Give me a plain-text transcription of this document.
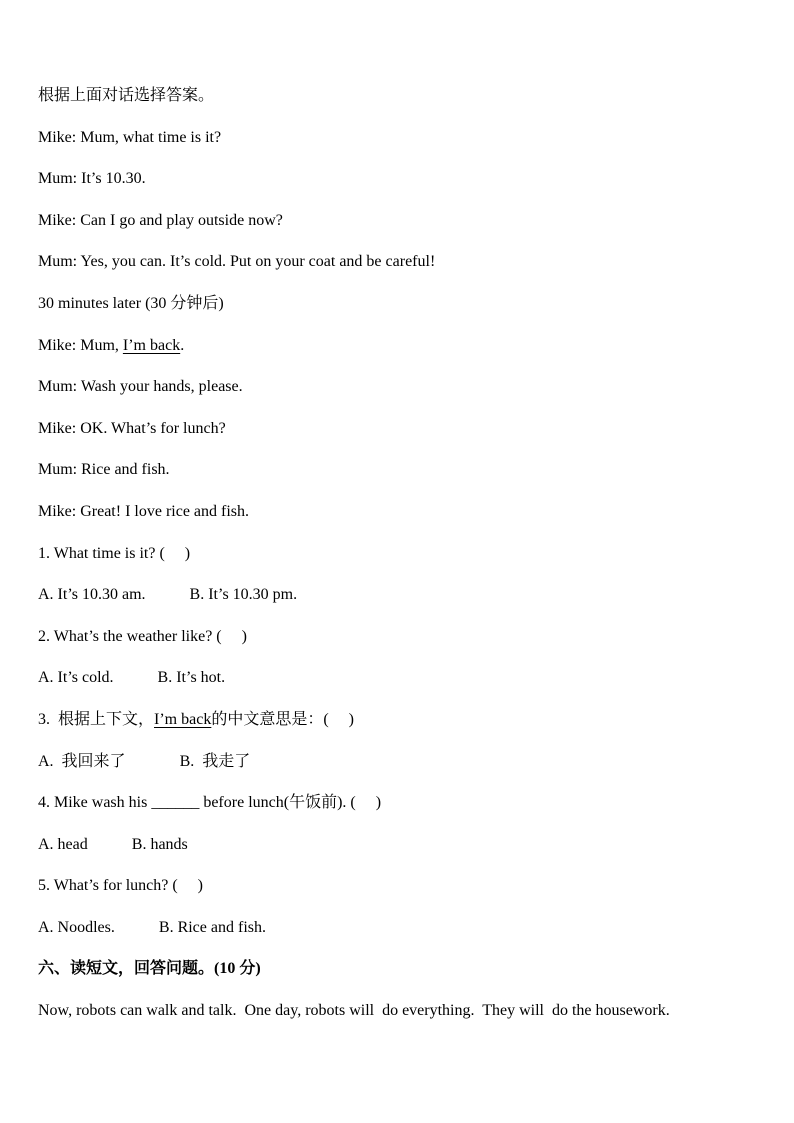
根据上面对话选择答案。
Mike: Mum, what time is it?
Mum: It’s 10.30.
Mike: Can I go and play outside now?
Mum: Yes, you can. It’s cold. Put on your coat and be careful!
30 minutes later (30 分钟后)
Mike: Mum, I’m back.
Mum: Wash your hands, please.
Mike: OK. What’s for lunch?
Mum: Rice and fish.
Mike: Great! I love rice and fish.
1. What time is it? (     )
A. It’s 10.30 am.	B. It’s 10.30 pm.
2. What’s the weather like? (     )
A. It’s cold.	B. It’s hot.
3.  根据上下文，I’m back的中文意思是：(     )
A.  我回来了	B.  我走了
4. Mike wash his ______ before lunch(午饭前). (     )
A. head	B. hands
5. What’s for lunch? (     )
A. Noodles.	B. Rice and fish.
六、读短文，回答问题。(10 分)
Now, robots can walk and talk.  One day, robots will  do everything.  They will  do the housework.
